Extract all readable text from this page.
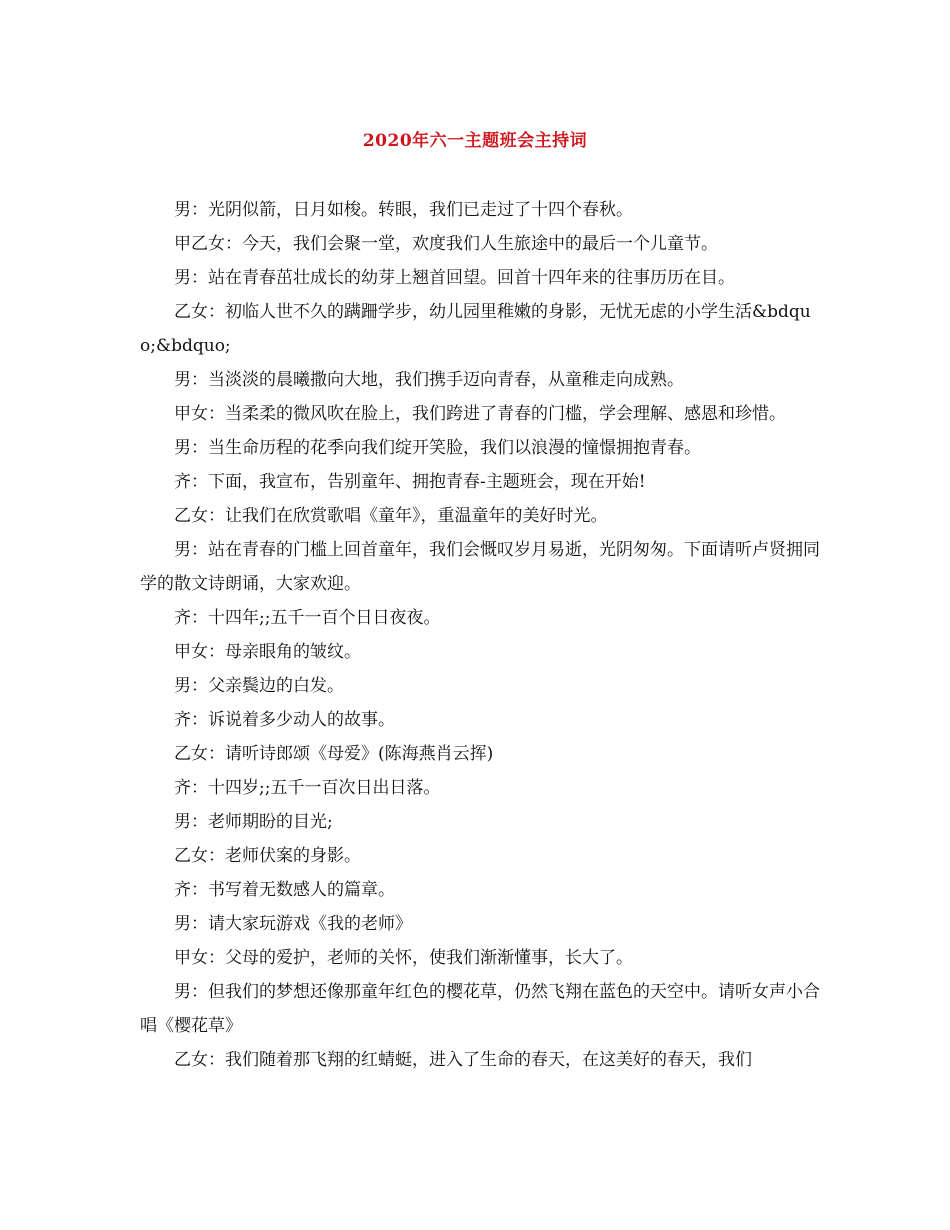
2020年六一主题班会主持词

男：光阴似箭，日月如梭。转眼，我们已走过了十四个春秋。

甲乙女：今天，我们会聚一堂，欢度我们人生旅途中的最后一个儿童节。

男：站在青春茁壮成长的幼芽上翘首回望。回首十四年来的往事历历在目。

乙女：初临人世不久的蹒跚学步，幼儿园里稚嫩的身影，无忧无虑的小学生活&bdquo;&bdquo;

男：当淡淡的晨曦撒向大地，我们携手迈向青春，从童稚走向成熟。

甲女：当柔柔的微风吹在脸上，我们跨进了青春的门槛，学会理解、感恩和珍惜。

男：当生命历程的花季向我们绽开笑脸，我们以浪漫的憧憬拥抱青春。

齐：下面，我宣布，告别童年、拥抱青春-主题班会，现在开始!

乙女：让我们在欣赏歌唱《童年》，重温童年的美好时光。

男：站在青春的门槛上回首童年，我们会慨叹岁月易逝，光阴匆匆。下面请听卢贤拥同学的散文诗朗诵，大家欢迎。

齐：十四年;;五千一百个日日夜夜。

甲女：母亲眼角的皱纹。

男：父亲鬓边的白发。

齐：诉说着多少动人的故事。

乙女：请听诗郎颂《母爱》(陈海燕肖云挥)

齐：十四岁;;五千一百次日出日落。

男：老师期盼的目光;

乙女：老师伏案的身影。

齐：书写着无数感人的篇章。

男：请大家玩游戏《我的老师》

甲女：父母的爱护，老师的关怀，使我们渐渐懂事，长大了。

男：但我们的梦想还像那童年红色的樱花草，仍然飞翔在蓝色的天空中。请听女声小合唱《樱花草》

乙女：我们随着那飞翔的红蜻蜓，进入了生命的春天，在这美好的春天，我们
